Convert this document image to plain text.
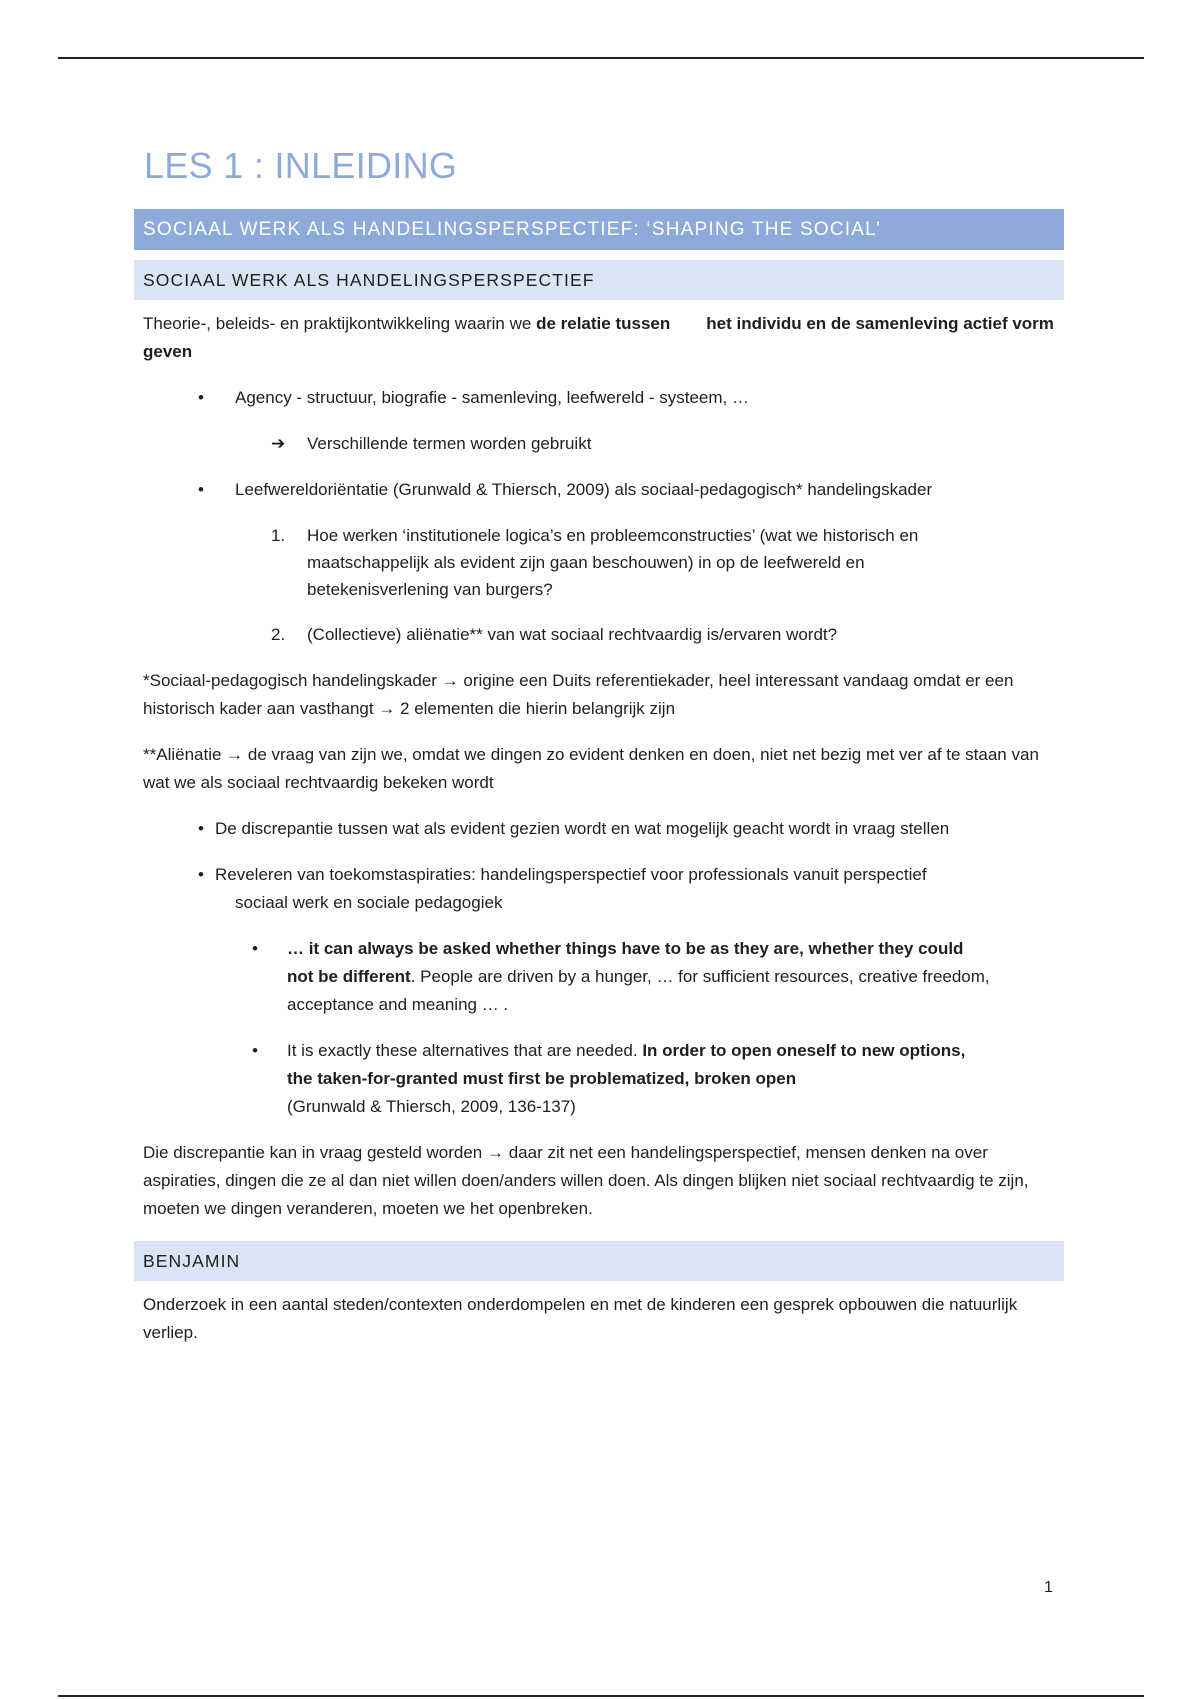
LES 1 : INLEIDING
SOCIAAL WERK ALS HANDELINGSPERSPECTIEF: ‘SHAPING THE SOCIAL’
SOCIAAL WERK ALS HANDELINGSPERSPECTIEF

Theorie-, beleids- en praktijkontwikkeling waarin we de relatie tussen het individu en de samenleving actief vorm geven

• Agency - structuur, biografie - samenleving, leefwereld - systeem, …
➔ Verschillende termen worden gebruikt
• Leefwereldoriëntatie (Grunwald & Thiersch, 2009) als sociaal-pedagogisch* handelingskader
1. Hoe werken ‘institutionele logica’s en probleemconstructies’ (wat we historisch en maatschappelijk als evident zijn gaan beschouwen) in op de leefwereld en betekenisverlening van burgers?
2. (Collectieve) aliënatie** van wat sociaal rechtvaardig is/ervaren wordt?

*Sociaal-pedagogisch handelingskader → origine een Duits referentiekader, heel interessant vandaag omdat er een historisch kader aan vasthangt → 2 elementen die hierin belangrijk zijn

**Aliënatie → de vraag van zijn we, omdat we dingen zo evident denken en doen, niet net bezig met ver af te staan van wat we als sociaal rechtvaardig bekeken wordt

• De discrepantie tussen wat als evident gezien wordt en wat mogelijk geacht wordt in vraag stellen
• Reveleren van toekomstaspiraties: handelingsperspectief voor professionals vanuit perspectief sociaal werk en sociale pedagogiek
• … it can always be asked whether things have to be as they are, whether they could not be different. People are driven by a hunger, … for sufficient resources, creative freedom, acceptance and meaning … .
• It is exactly these alternatives that are needed. In order to open oneself to new options, the taken-for-granted must first be problematized, broken open
(Grunwald & Thiersch, 2009, 136-137)

Die discrepantie kan in vraag gesteld worden → daar zit net een handelingsperspectief, mensen denken na over aspiraties, dingen die ze al dan niet willen doen/anders willen doen. Als dingen blijken niet sociaal rechtvaardig te zijn, moeten we dingen veranderen, moeten we het openbreken.

BENJAMIN

Onderzoek in een aantal steden/contexten onderdompelen en met de kinderen een gesprek opbouwen die natuurlijk verliep.

1
